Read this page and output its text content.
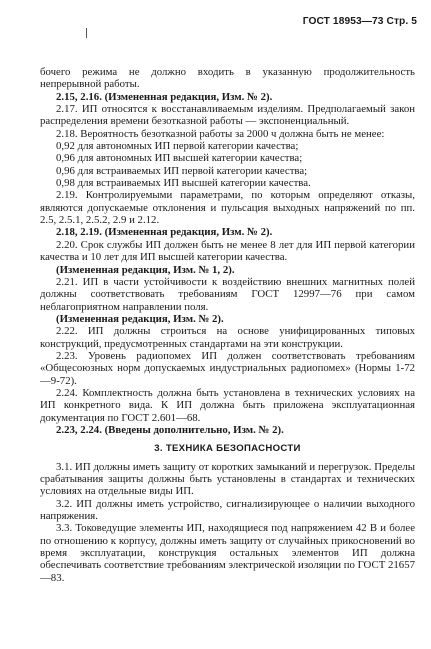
ГОСТ 18953—73 Стр. 5

бочего режима не должно входить в указанную продолжительность непрерывной работы.

2.15, 2.16. (Измененная редакция, Изм. № 2).

2.17. ИП относятся к восстанавливаемым изделиям. Предполагаемый закон распределения времени безотказной работы — экспоненциальный.

2.18. Вероятность безотказной работы за 2000 ч должна быть не менее:

0,92 для автономных ИП первой категории качества;

0,96 для автономных ИП высшей категории качества;

0,96 для встраиваемых ИП первой категории качества;

0,98 для встраиваемых ИП высшей категории качества.

2.19. Контролируемыми параметрами, по которым определяют отказы, являются допускаемые отклонения и пульсация выходных напряжений по пп. 2.5, 2.5.1, 2.5.2, 2.9 и 2.12.

2.18, 2.19. (Измененная редакция, Изм. № 2).

2.20. Срок службы ИП должен быть не менее 8 лет для ИП первой категории качества и 10 лет для ИП высшей категории качества.

(Измененная редакция, Изм. № 1, 2).

2.21. ИП в части устойчивости к воздействию внешних магнитных полей должны соответствовать требованиям ГОСТ 12997—76 при самом неблагоприятном направлении поля.

(Измененная редакция, Изм. № 2).

2.22. ИП должны строиться на основе унифицированных типовых конструкций, предусмотренных стандартами на эти конструкции.

2.23. Уровень радиопомех ИП должен соответствовать требованиям «Общесоюзных норм допускаемых индустриальных радиопомех» (Нормы 1-72—9-72).

2.24. Комплектность должна быть установлена в технических условиях на ИП конкретного вида. К ИП должна быть приложена эксплуатационная документация по ГОСТ 2.601—68.

2.23, 2.24. (Введены дополнительно, Изм. № 2).

3. ТЕХНИКА БЕЗОПАСНОСТИ

3.1. ИП должны иметь защиту от коротких замыканий и перегрузок. Пределы срабатывания защиты должны быть установлены в стандартах и технических условиях на отдельные виды ИП.

3.2. ИП должны иметь устройство, сигнализирующее о наличии выходного напряжения.

3.3. Токоведущие элементы ИП, находящиеся под напряжением 42 В и более по отношению к корпусу, должны иметь защиту от случайных прикосновений во время эксплуатации, конструкция остальных элементов ИП должна обеспечивать соответствие требованиям электрической изоляции по ГОСТ 21657—83.
